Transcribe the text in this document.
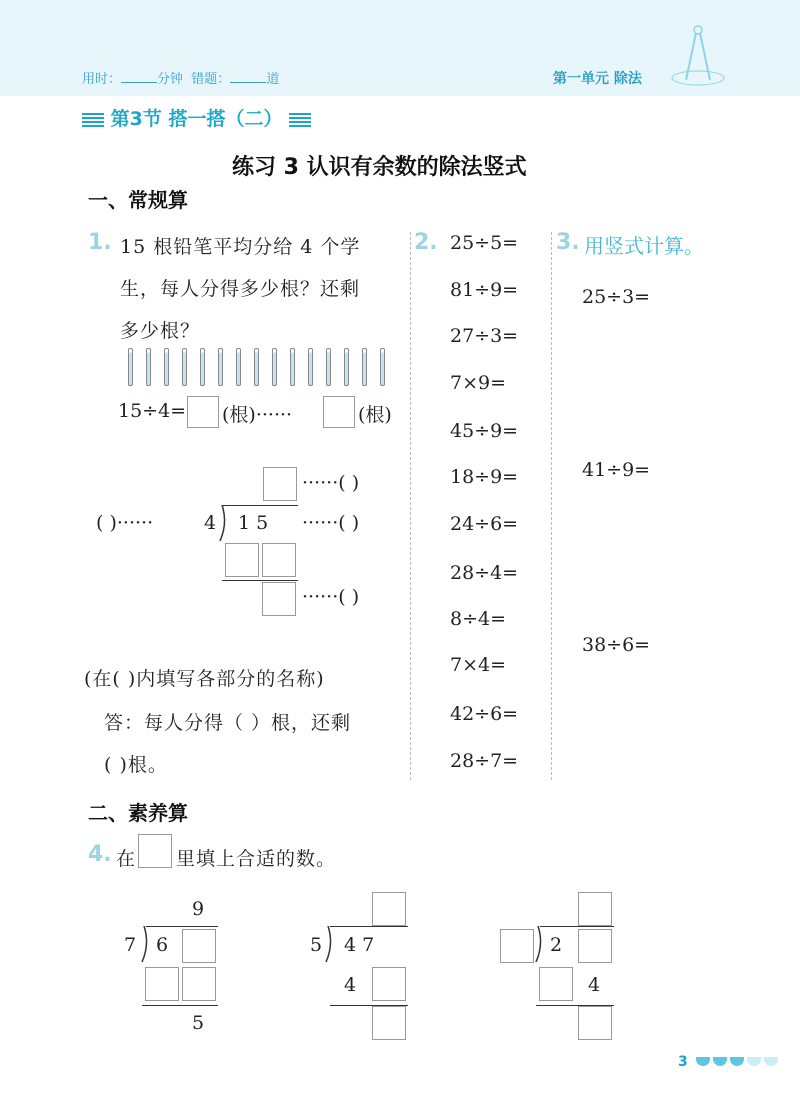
用时：	分钟 错题：	道	第一单元 除法
第3节 搭一搭（二）
练习 3 认识有余数的除法竖式
一、常规算
1. 15 根铅笔平均分给 4 个学
生，每人分得多少根？还剩
多少根？
15÷4= (根)······	(根)
······( )
( )······	4 1 5 ······( )
······( )
(在( )内填写各部分的名称)
答：每人分得（ ）根，还剩
( )根。
2. 25÷5=
81÷9=
27÷3=
7×9=
45÷9=
18÷9=
24÷6=
28÷4=
8÷4=
7×4=
42÷6=
28÷7=
3. 用竖式计算。
25÷3=
41÷9=
38÷6=
二、素养算
4. 在 里填上合适的数。
9
7 6
5
5 4 7
4
2
4
3
